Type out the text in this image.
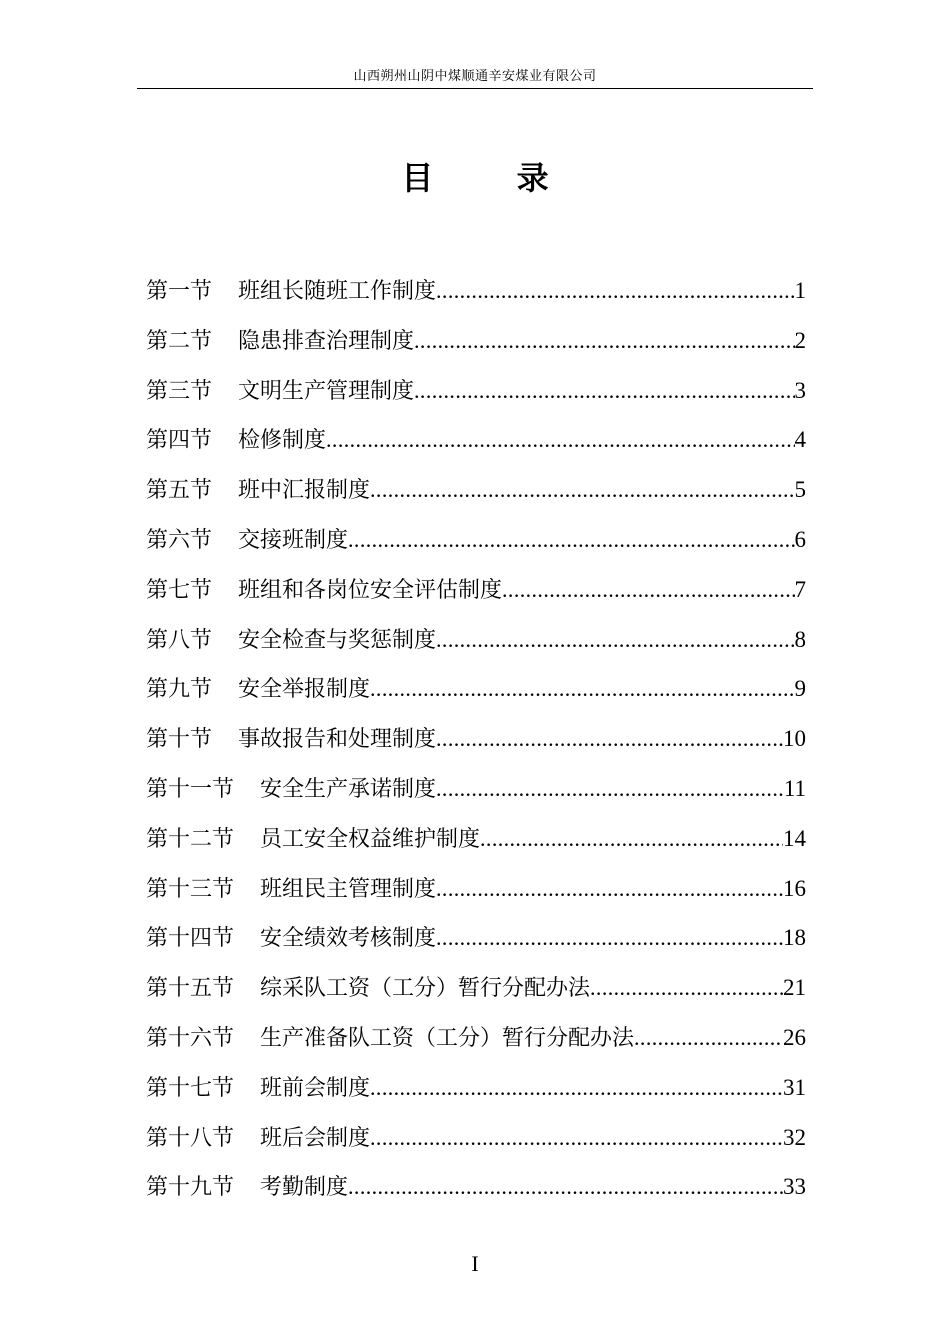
山西朔州山阴中煤顺通辛安煤业有限公司
目 录
第一节 班组长随班工作制度 .....	1
第二节 隐患排查治理制度 .....	2
第三节 文明生产管理制度 .....	3
第四节 检修制度 .....	4
第五节 班中汇报制度 .....	5
第六节 交接班制度 .....	6
第七节 班组和各岗位安全评估制度 .....	7
第八节 安全检查与奖惩制度 .....	8
第九节 安全举报制度 .....	9
第十节 事故报告和处理制度 .....	10
第十一节 安全生产承诺制度 .....	11
第十二节 员工安全权益维护制度 .....	14
第十三节 班组民主管理制度 .....	16
第十四节 安全绩效考核制度 .....	18
第十五节 综采队工资（工分）暂行分配办法 .....	21
第十六节 生产准备队工资（工分）暂行分配办法 .....	26
第十七节 班前会制度 .....	31
第十八节 班后会制度 .....	32
第十九节 考勤制度 .....	33
I
